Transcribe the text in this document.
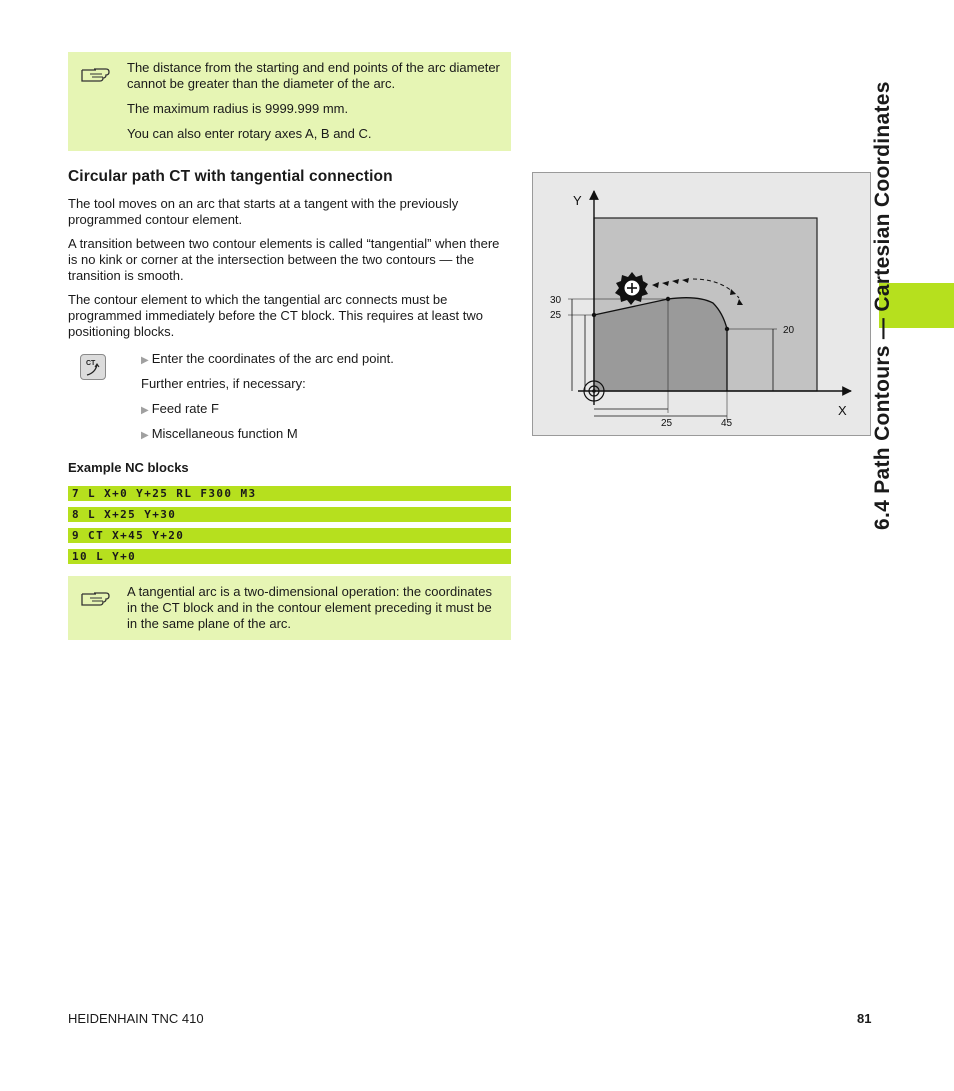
The distance from the starting and end points of the arc diameter cannot be greater than the diameter of the arc.

The maximum radius is 9999.999 mm.

You can also enter rotary axes A, B and C.

Circular path CT with tangential connection

The tool moves on an arc that starts at a tangent with the previously programmed contour element.

A transition between two contour elements is called “tangential” when there is no kink or corner at the intersection between the two contours — the transition is smooth.

The contour element to which the tangential arc connects must be programmed immediately before the CT block. This requires at least two positioning blocks.

CT	▶ Enter the coordinates of the arc end point.
Further entries, if necessary:
▶ Feed rate F
▶ Miscellaneous function M
Example NC blocks
7 L X+0 Y+25 RL F300 M3
8 L X+25 Y+30
9 CT X+45 Y+20
10 L Y+0

A tangential arc is a two-dimensional operation: the coordinates in the CT block and in the contour element preceding it must be in the same plane of the arc.

Y
X
30
25
20
25	45	6.4 Path Contours — Cartesian Coordinates
HEIDENHAIN TNC 410	81
